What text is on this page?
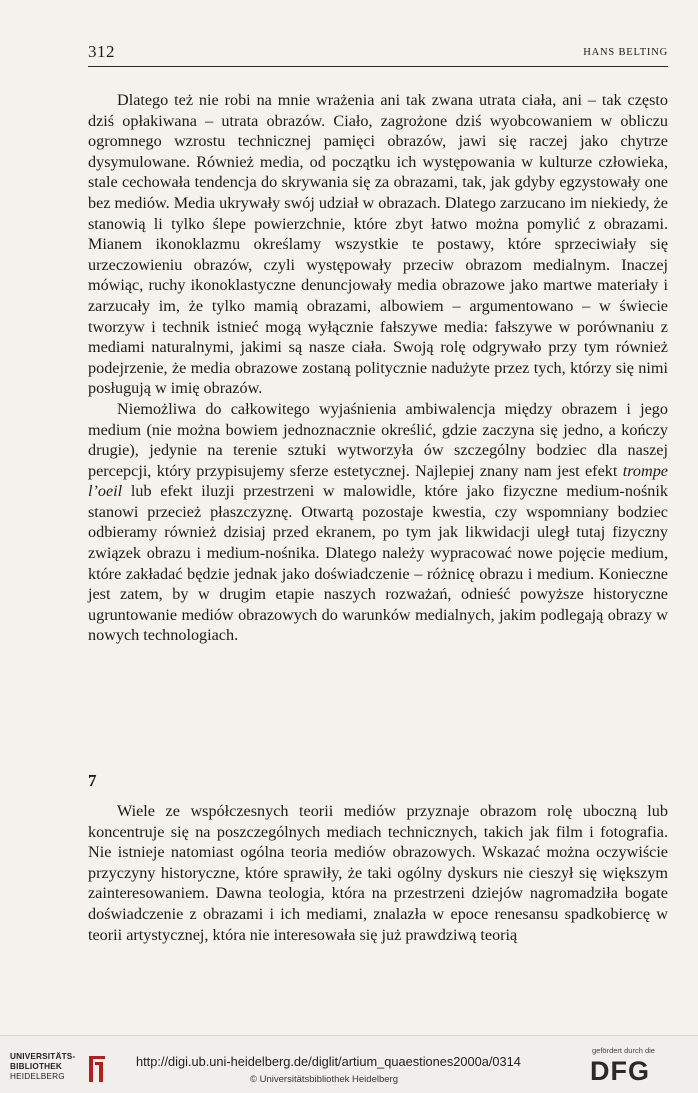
312	HANS BELTING

Dlatego też nie robi na mnie wrażenia ani tak zwana utrata ciała, ani – tak często dziś opłakiwana – utrata obrazów. Ciało, zagrożone dziś wyobcowaniem w obliczu ogromnego wzrostu technicznej pamięci obrazów, jawi się raczej jako chytrze dysymulowane. Również media, od początku ich występowania w kulturze człowieka, stale cechowała tendencja do skrywania się za obrazami, tak, jak gdyby egzystowały one bez mediów. Media ukrywały swój udział w obrazach. Dlatego zarzucano im niekiedy, że stanowią li tylko ślepe powierzchnie, które zbyt łatwo można pomylić z obrazami. Mianem ikonoklazmu określamy wszystkie te postawy, które sprzeciwiały się urzeczowieniu obrazów, czyli występowały przeciw obrazom medialnym. Inaczej mówiąc, ruchy ikonoklastyczne denuncjowały media obrazowe jako martwe materiały i zarzucały im, że tylko mamią obrazami, albowiem – argumentowano – w świecie tworzyw i technik istnieć mogą wyłącznie fałszywe media: fałszywe w porównaniu z mediami naturalnymi, jakimi są nasze ciała. Swoją rolę odgrywało przy tym również podejrzenie, że media obrazowe zostaną politycznie nadużyte przez tych, którzy się nimi posługują w imię obrazów.

Niemożliwa do całkowitego wyjaśnienia ambiwalencja między obrazem i jego medium (nie można bowiem jednoznacznie określić, gdzie zaczyna się jedno, a kończy drugie), jedynie na terenie sztuki wytworzyła ów szczególny bodziec dla naszej percepcji, który przypisujemy sferze estetycznej. Najlepiej znany nam jest efekt trompe l’oeil lub efekt iluzji przestrzeni w malowidle, które jako fizyczne medium-nośnik stanowi przecież płaszczyznę. Otwartą pozostaje kwestia, czy wspomniany bodziec odbieramy również dzisiaj przed ekranem, po tym jak likwidacji uległ tutaj fizyczny związek obrazu i medium-nośnika. Dlatego należy wypracować nowe pojęcie medium, które zakładać będzie jednak jako doświadczenie – różnicę obrazu i medium. Konieczne jest zatem, by w drugim etapie naszych rozważań, odnieść powyższe historyczne ugruntowanie mediów obrazowych do warunków medialnych, jakim podlegają obrazy w nowych technologiach.

7

Wiele ze współczesnych teorii mediów przyznaje obrazom rolę uboczną lub koncentruje się na poszczególnych mediach technicznych, takich jak film i fotografia. Nie istnieje natomiast ogólna teoria mediów obrazowych. Wskazać można oczywiście przyczyny historyczne, które sprawiły, że taki ogólny dyskurs nie cieszył się większym zainteresowaniem. Dawna teologia, która na przestrzeni dziejów nagromadziła bogate doświadczenie z obrazami i ich mediami, znalazła w epoce renesansu spadkobiercę w teorii artystycznej, która nie interesowała się już prawdziwą teorią

UNIVERSITÄTS-
BIBLIOTHEK
HEIDELBERG
http://digi.ub.uni-heidelberg.de/diglit/artium_quaestiones2000a/0314
© Universitätsbibliothek Heidelberg
gefördert durch die
DFG
